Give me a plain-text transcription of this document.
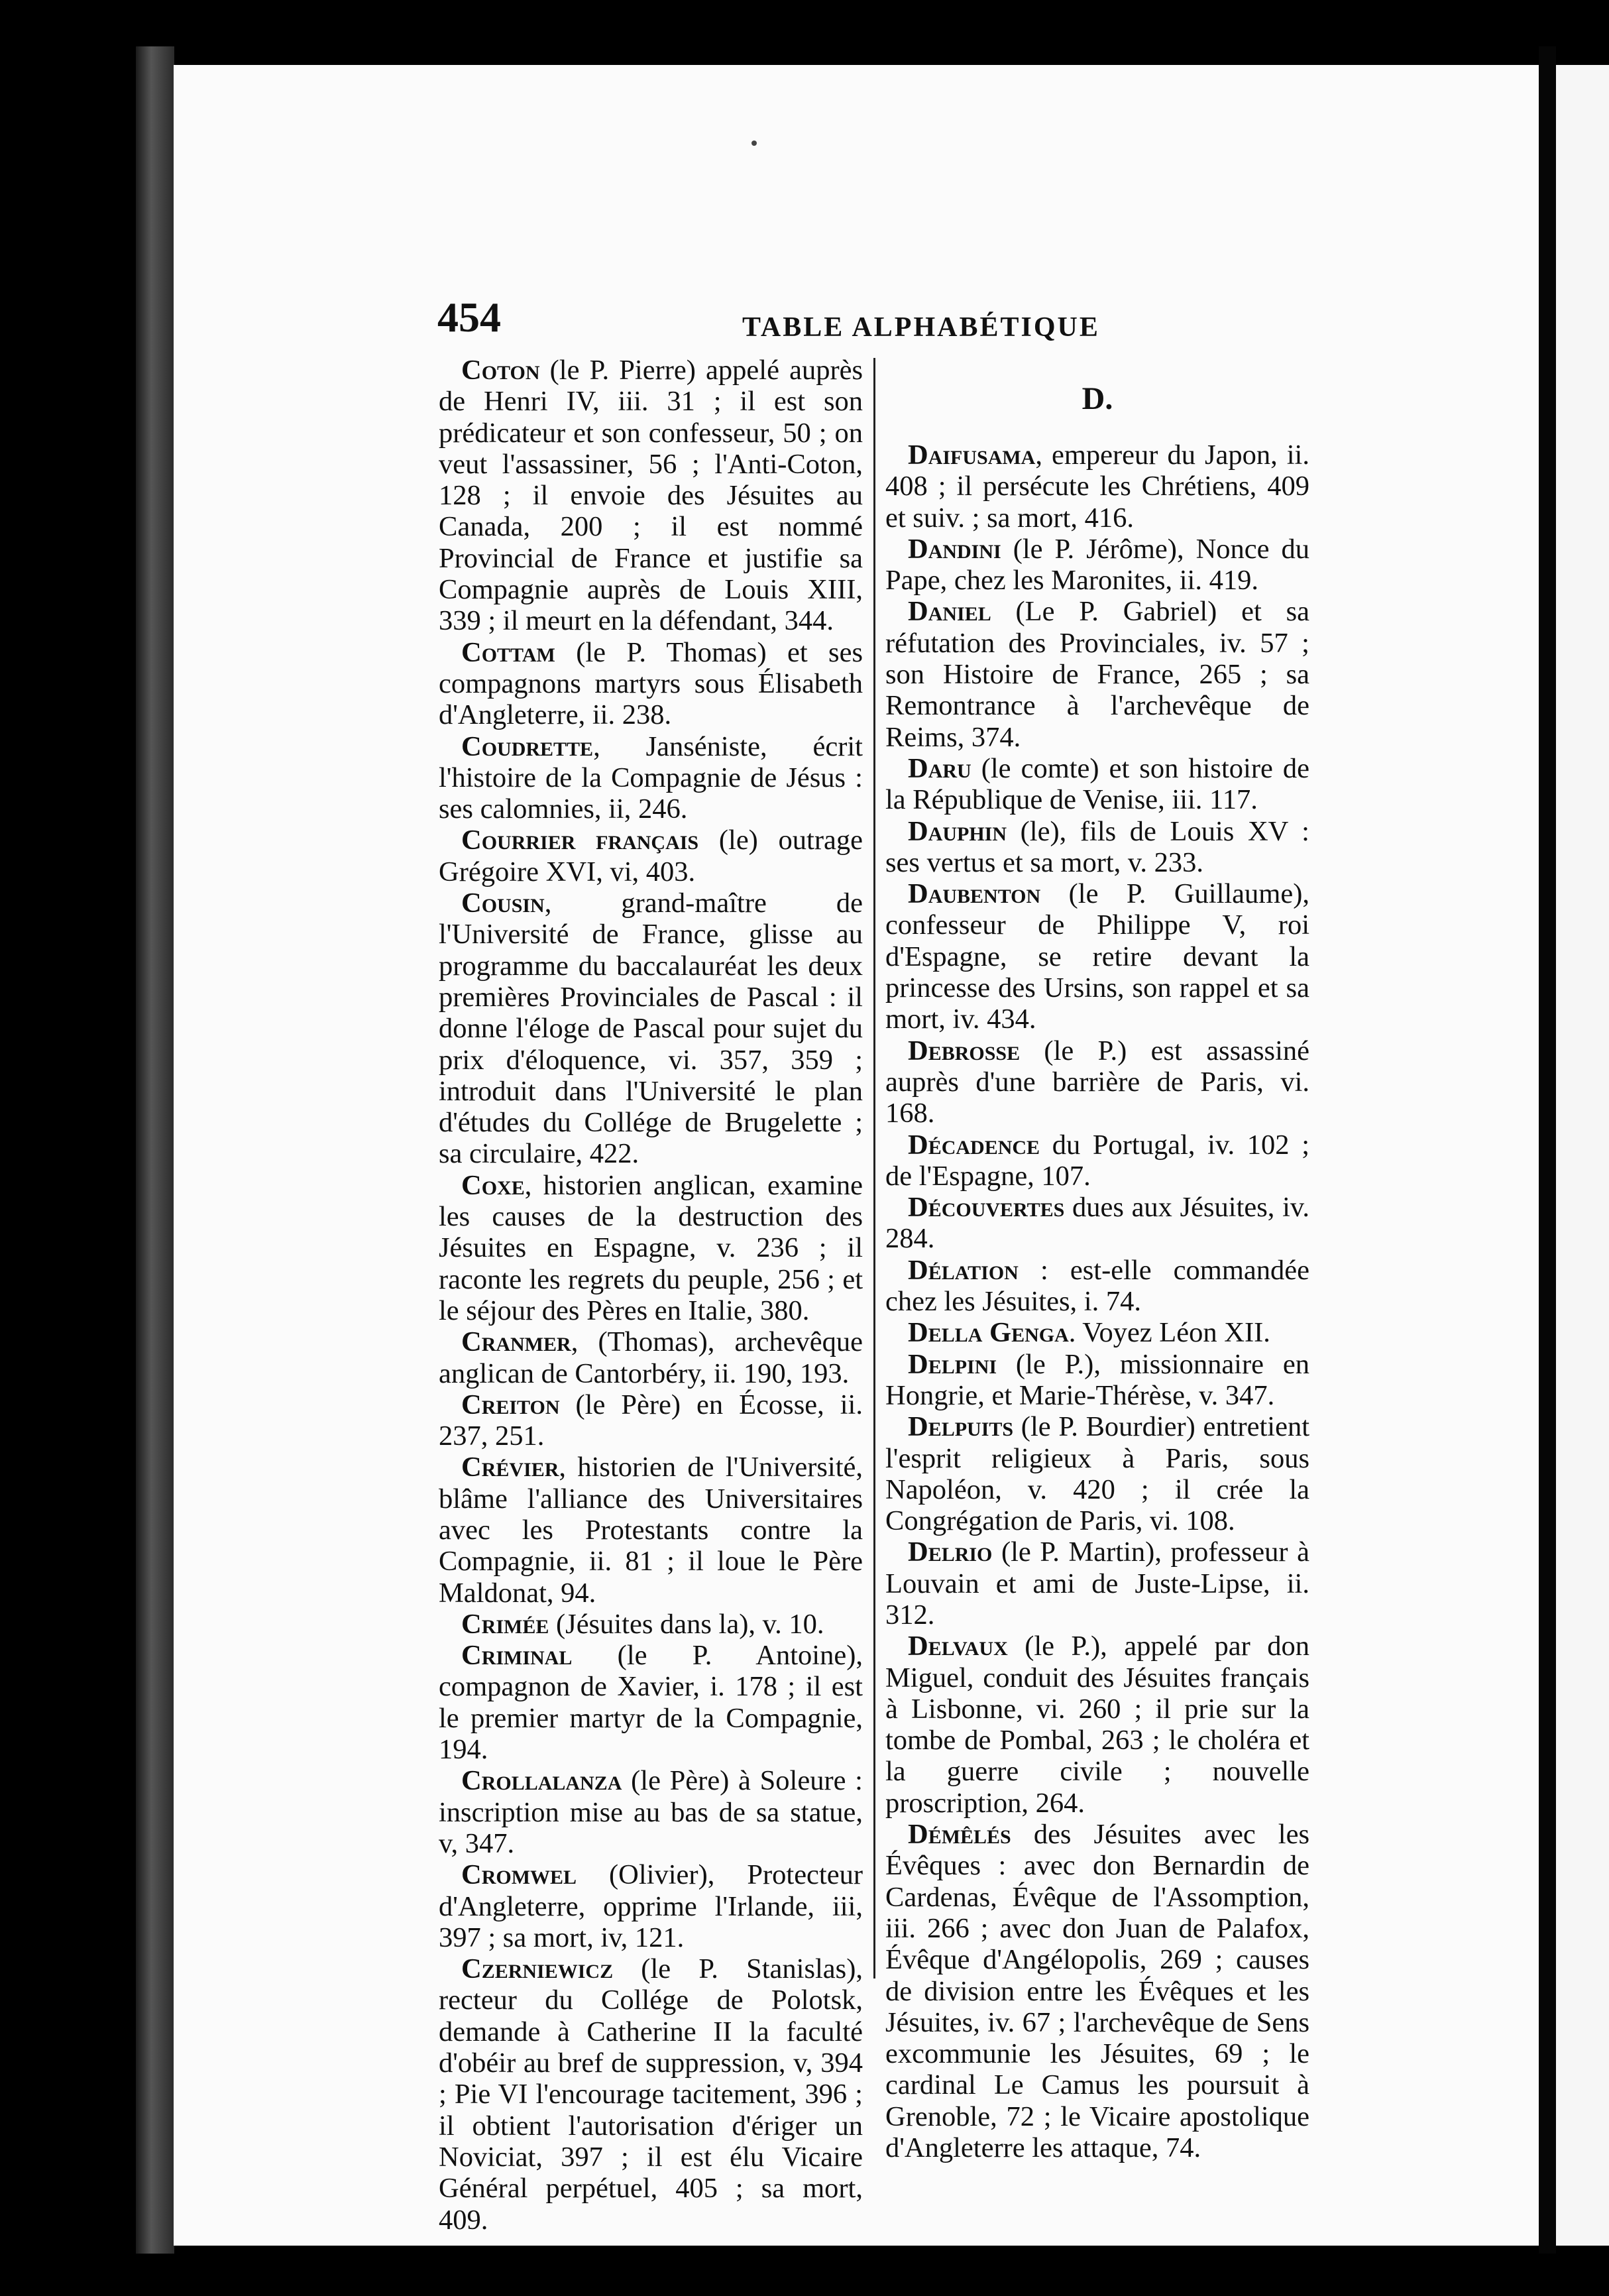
454	TABLE ALPHABÉTIQUE

Coton (le P. Pierre) appelé auprès de Henri IV, iii. 31 ; il est son prédicateur et son confesseur, 50 ; on veut l'assassiner, 56 ; l'Anti-Coton, 128 ; il envoie des Jésuites au Canada, 200 ; il est nommé Provincial de France et justifie sa Compagnie auprès de Louis XIII, 339 ; il meurt en la défendant, 344.

Cottam (le P. Thomas) et ses compagnons martyrs sous Élisabeth d'Angleterre, ii. 238.

Coudrette, Janséniste, écrit l'histoire de la Compagnie de Jésus : ses calomnies, ii, 246.

Courrier français (le) outrage Grégoire XVI, vi, 403.

Cousin, grand-maître de l'Université de France, glisse au programme du baccalauréat les deux premières Provinciales de Pascal : il donne l'éloge de Pascal pour sujet du prix d'éloquence, vi. 357, 359 ; introduit dans l'Université le plan d'études du Collége de Brugelette ; sa circulaire, 422.

Coxe, historien anglican, examine les causes de la destruction des Jésuites en Espagne, v. 236 ; il raconte les regrets du peuple, 256 ; et le séjour des Pères en Italie, 380.

Cranmer, (Thomas), archevêque anglican de Cantorbéry, ii. 190, 193.

Creiton (le Père) en Écosse, ii. 237, 251.

Crévier, historien de l'Université, blâme l'alliance des Universitaires avec les Protestants contre la Compagnie, ii. 81 ; il loue le Père Maldonat, 94.

Crimée (Jésuites dans la), v. 10.

Criminal (le P. Antoine), compagnon de Xavier, i. 178 ; il est le premier martyr de la Compagnie, 194.

Crollalanza (le Père) à Soleure : inscription mise au bas de sa statue, v, 347.

Cromwel (Olivier), Protecteur d'Angleterre, opprime l'Irlande, iii, 397 ; sa mort, iv, 121.

Czerniewicz (le P. Stanislas), recteur du Collége de Polotsk, demande à Catherine II la faculté d'obéir au bref de suppression, v, 394 ; Pie VI l'encourage tacitement, 396 ; il obtient l'autorisation d'ériger un Noviciat, 397 ; il est élu Vicaire Général perpétuel, 405 ; sa mort, 409.

D.

Daifusama, empereur du Japon, ii. 408 ; il persécute les Chrétiens, 409 et suiv. ; sa mort, 416.

Dandini (le P. Jérôme), Nonce du Pape, chez les Maronites, ii. 419.

Daniel (Le P. Gabriel) et sa réfutation des Provinciales, iv. 57 ; son Histoire de France, 265 ; sa Remontrance à l'archevêque de Reims, 374.

Daru (le comte) et son histoire de la République de Venise, iii. 117.

Dauphin (le), fils de Louis XV : ses vertus et sa mort, v. 233.

Daubenton (le P. Guillaume), confesseur de Philippe V, roi d'Espagne, se retire devant la princesse des Ursins, son rappel et sa mort, iv. 434.

Debrosse (le P.) est assassiné auprès d'une barrière de Paris, vi. 168.

Décadence du Portugal, iv. 102 ; de l'Espagne, 107.

Découvertes dues aux Jésuites, iv. 284.

Délation : est-elle commandée chez les Jésuites, i. 74.

Della Genga. Voyez Léon XII.

Delpini (le P.), missionnaire en Hongrie, et Marie-Thérèse, v. 347.

Delpuits (le P. Bourdier) entretient l'esprit religieux à Paris, sous Napoléon, v. 420 ; il crée la Congrégation de Paris, vi. 108.

Delrio (le P. Martin), professeur à Louvain et ami de Juste-Lipse, ii. 312.

Delvaux (le P.), appelé par don Miguel, conduit des Jésuites français à Lisbonne, vi. 260 ; il prie sur la tombe de Pombal, 263 ; le choléra et la guerre civile ; nouvelle proscription, 264.

Démêlés des Jésuites avec les Évêques : avec don Bernardin de Cardenas, Évêque de l'Assomption, iii. 266 ; avec don Juan de Palafox, Évêque d'Angélopolis, 269 ; causes de division entre les Évêques et les Jésuites, iv. 67 ; l'archevêque de Sens excommunie les Jésuites, 69 ; le cardinal Le Camus les poursuit à Grenoble, 72 ; le Vicaire apostolique d'Angleterre les attaque, 74.
